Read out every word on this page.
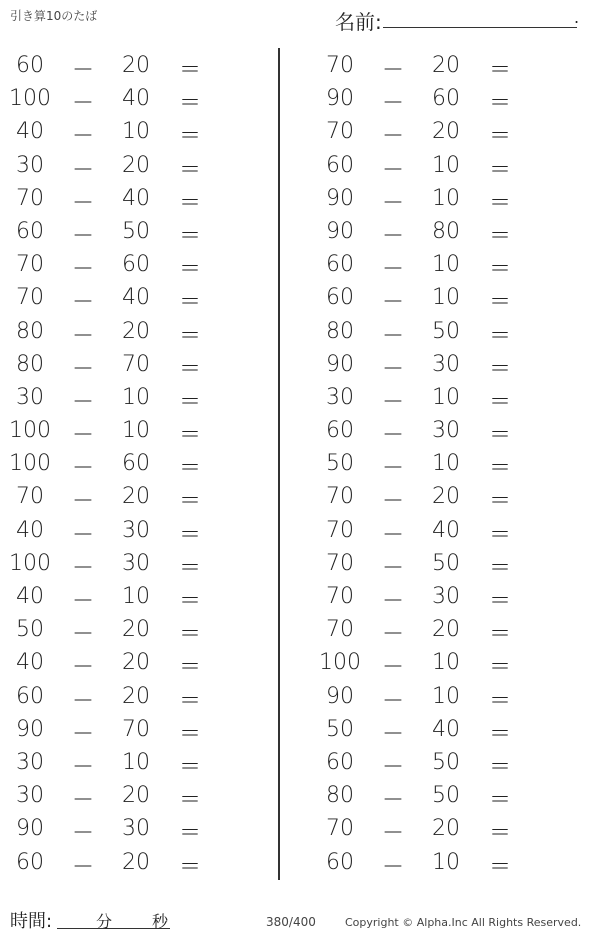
引き算10のたば	名前:	.
60	－ 20 ＝
100 － 40 ＝
40	－ 10 ＝
30	－ 20 ＝
70	－ 40 ＝
60	－ 50 ＝
70	－ 60 ＝
70	－ 40 ＝
80	－ 20 ＝
80	－ 70 ＝
30	－ 10 ＝
100 － 10 ＝
100 － 60 ＝
70	－ 20 ＝
40	－ 30 ＝
100 － 30 ＝
40	－ 10 ＝
50	－ 20 ＝
40	－ 20 ＝
60	－ 20 ＝
90	－ 70 ＝
30	－ 10 ＝
30	－ 20 ＝
90	－ 30 ＝
60	－ 20 ＝
70	－ 20 ＝
90	－ 60 ＝
70	－ 20 ＝
60	－ 10 ＝
90	－ 10 ＝
90	－ 80 ＝
60	－ 10 ＝
60	－ 10 ＝
80	－ 50 ＝
90	－ 30 ＝
30	－ 10 ＝
60	－ 30 ＝
50	－ 10 ＝
70	－ 20 ＝
70	－ 40 ＝
70	－ 50 ＝
70	－ 30 ＝
70	－ 20 ＝
100 － 10 ＝
90	－ 10 ＝
50	－ 40 ＝
60	－ 50 ＝
80	－ 50 ＝
70	－ 20 ＝
60	－ 10 ＝
時間:	分 秒	380/400	Copyright © Alpha.Inc All Rights Reserved.
